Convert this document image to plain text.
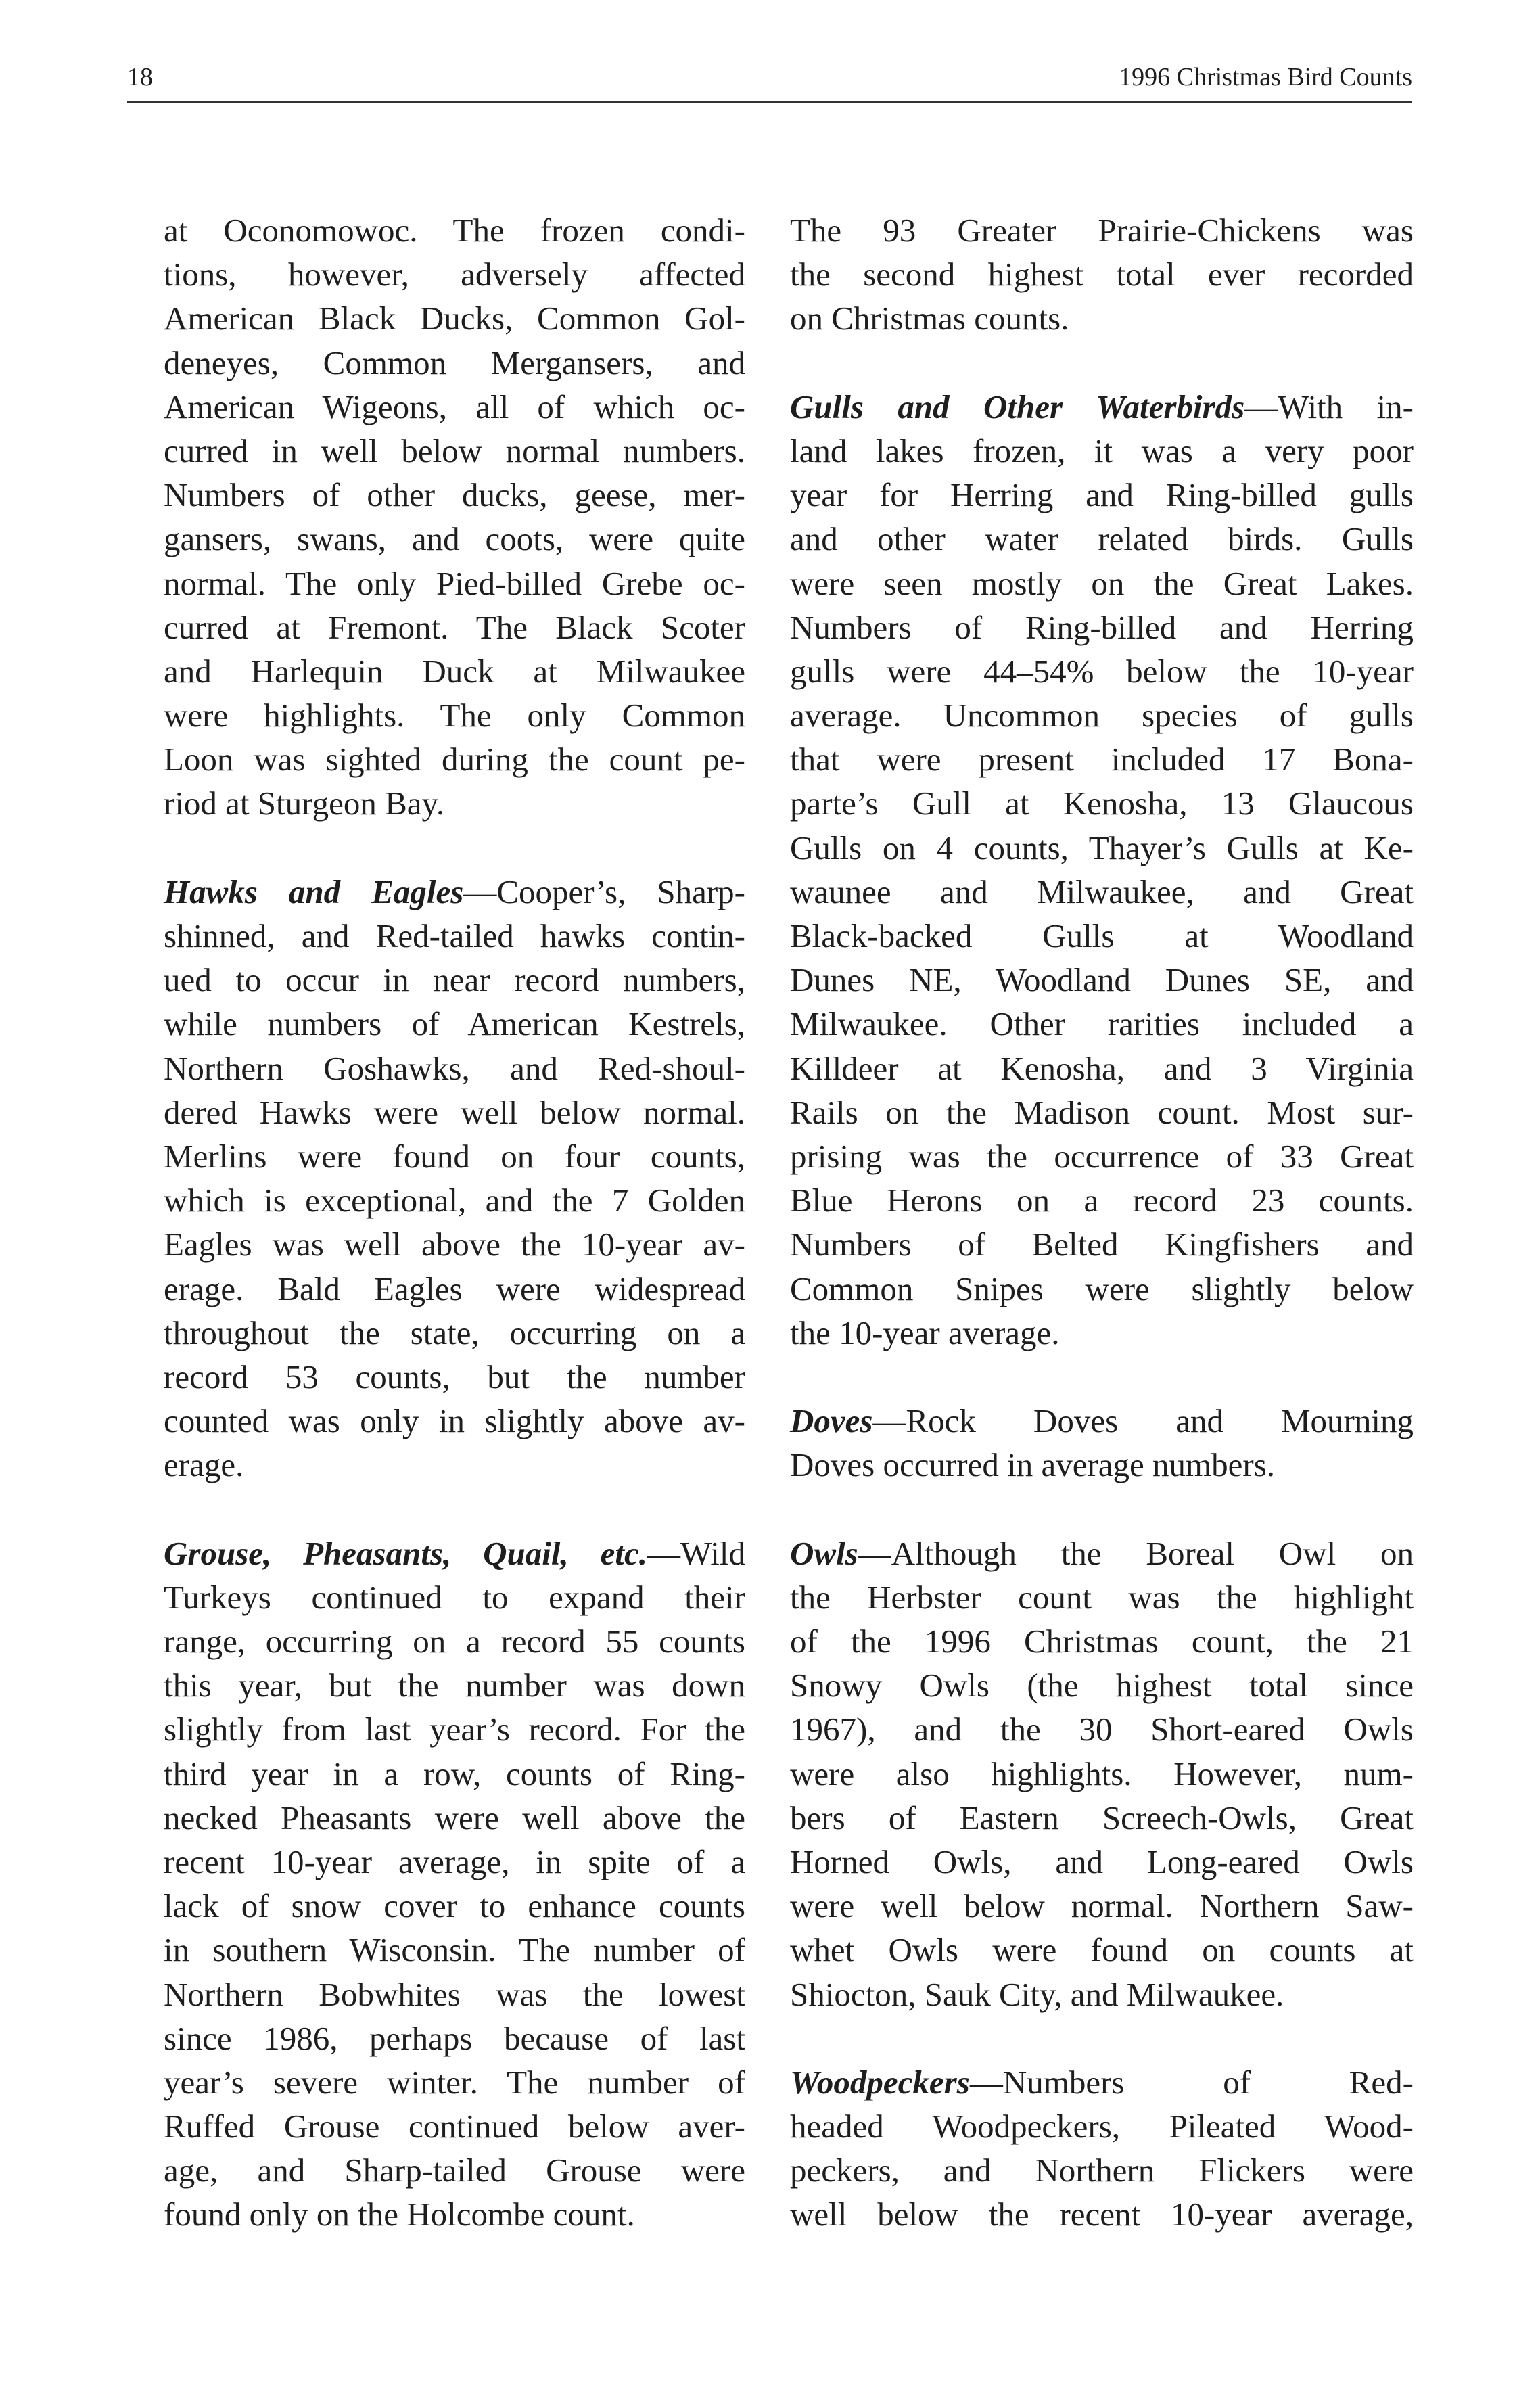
18	1996 Christmas Bird Counts
at Oconomowoc. The frozen condi-
tions, however, adversely affected
American Black Ducks, Common Gol-
deneyes, Common Mergansers, and
American Wigeons, all of which oc-
curred in well below normal numbers.
Numbers of other ducks, geese, mer-
gansers, swans, and coots, were quite
normal. The only Pied-billed Grebe oc-
curred at Fremont. The Black Scoter
and Harlequin Duck at Milwaukee
were highlights. The only Common
Loon was sighted during the count pe-
riod at Sturgeon Bay.
Hawks and Eagles—Cooper’s, Sharp-
shinned, and Red-tailed hawks contin-
ued to occur in near record numbers,
while numbers of American Kestrels,
Northern Goshawks, and Red-shoul-
dered Hawks were well below normal.
Merlins were found on four counts,
which is exceptional, and the 7 Golden
Eagles was well above the 10-year av-
erage. Bald Eagles were widespread
throughout the state, occurring on a
record 53 counts, but the number
counted was only in slightly above av-
erage.
Grouse, Pheasants, Quail, etc.—Wild
Turkeys continued to expand their
range, occurring on a record 55 counts
this year, but the number was down
slightly from last year’s record. For the
third year in a row, counts of Ring-
necked Pheasants were well above the
recent 10-year average, in spite of a
lack of snow cover to enhance counts
in southern Wisconsin. The number of
Northern Bobwhites was the lowest
since 1986, perhaps because of last
year’s severe winter. The number of
Ruffed Grouse continued below aver-
age, and Sharp-tailed Grouse were
found only on the Holcombe count.
The 93 Greater Prairie-Chickens was
the second highest total ever recorded
on Christmas counts.
Gulls and Other Waterbirds—With in-
land lakes frozen, it was a very poor
year for Herring and Ring-billed gulls
and other water related birds. Gulls
were seen mostly on the Great Lakes.
Numbers of Ring-billed and Herring
gulls were 44–54% below the 10-year
average. Uncommon species of gulls
that were present included 17 Bona-
parte’s Gull at Kenosha, 13 Glaucous
Gulls on 4 counts, Thayer’s Gulls at Ke-
waunee and Milwaukee, and Great
Black-backed Gulls at Woodland
Dunes NE, Woodland Dunes SE, and
Milwaukee. Other rarities included a
Killdeer at Kenosha, and 3 Virginia
Rails on the Madison count. Most sur-
prising was the occurrence of 33 Great
Blue Herons on a record 23 counts.
Numbers of Belted Kingfishers and
Common Snipes were slightly below
the 10-year average.
Doves—Rock Doves and Mourning
Doves occurred in average numbers.
Owls—Although the Boreal Owl on
the Herbster count was the highlight
of the 1996 Christmas count, the 21
Snowy Owls (the highest total since
1967), and the 30 Short-eared Owls
were also highlights. However, num-
bers of Eastern Screech-Owls, Great
Horned Owls, and Long-eared Owls
were well below normal. Northern Saw-
whet Owls were found on counts at
Shiocton, Sauk City, and Milwaukee.
Woodpeckers—Numbers of Red-
headed Woodpeckers, Pileated Wood-
peckers, and Northern Flickers were
well below the recent 10-year average,
